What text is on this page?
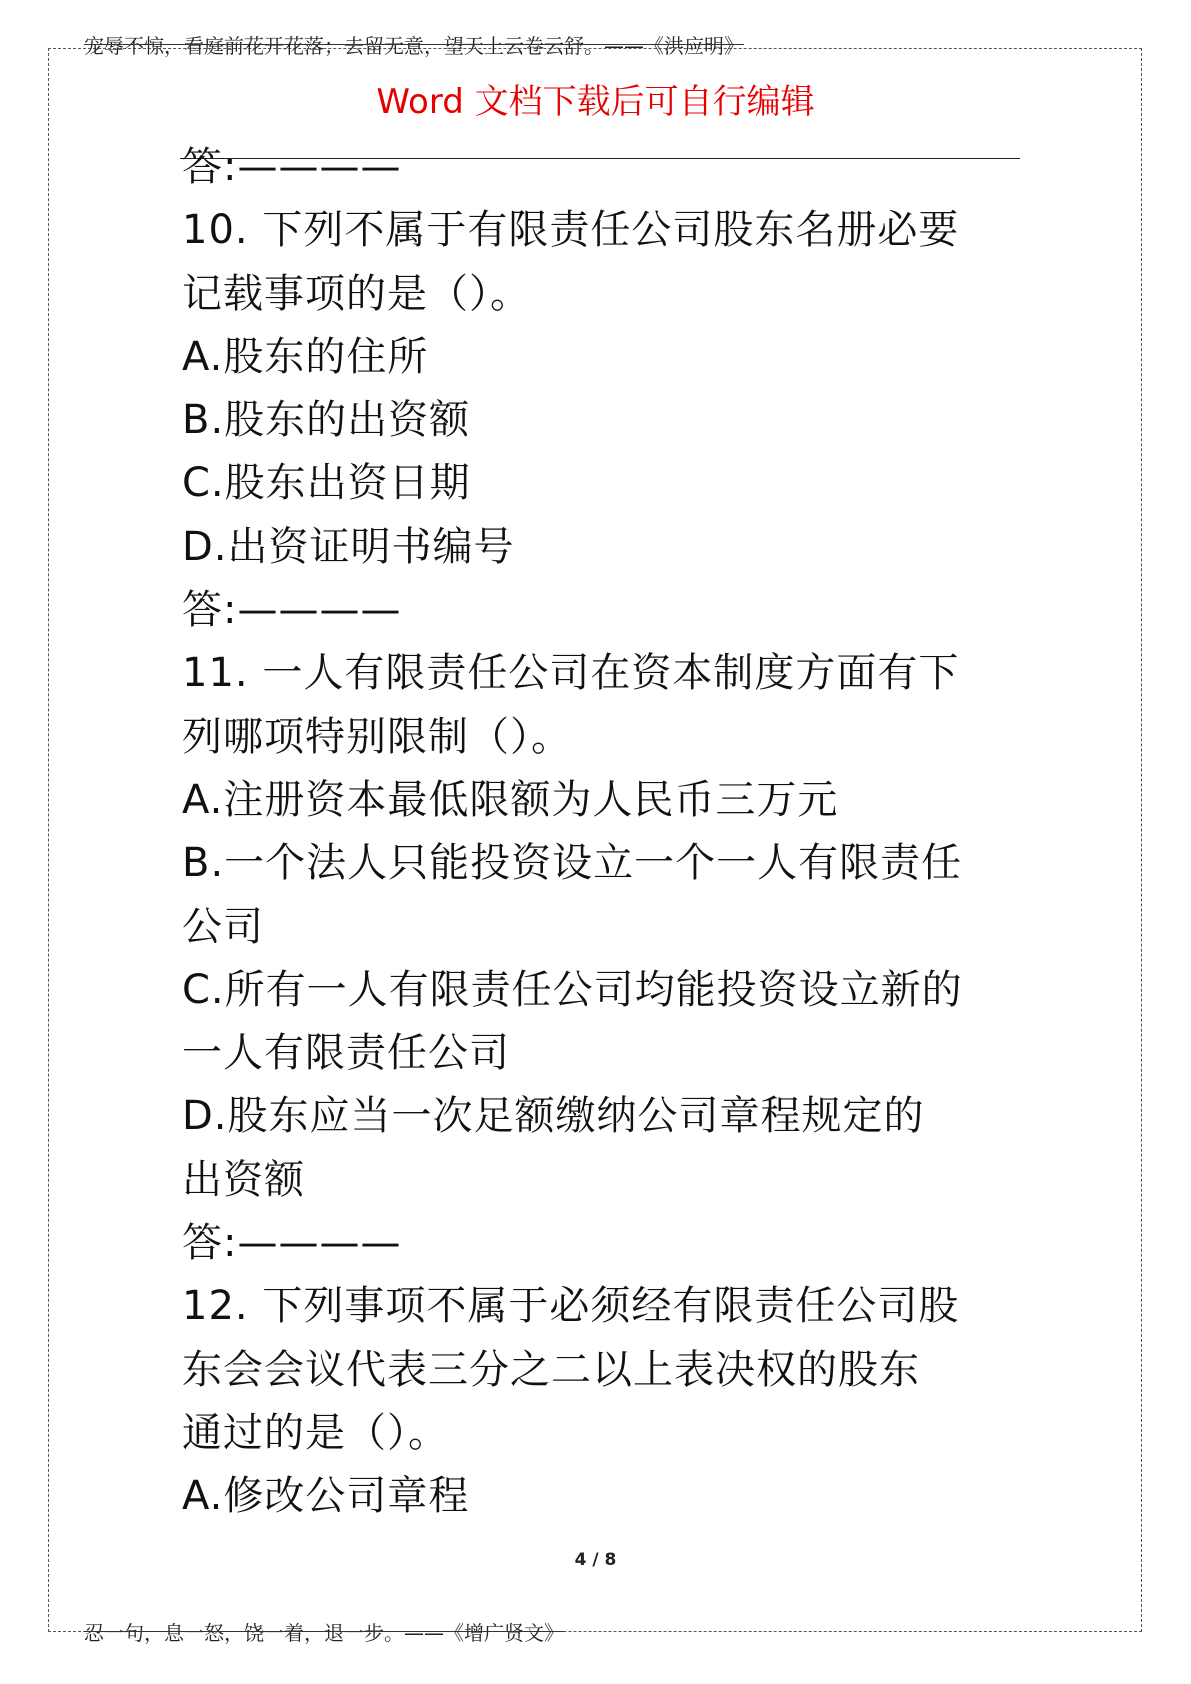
宠辱不惊，看庭前花开花落；去留无意，望天上云卷云舒。——《洪应明》
Word 文档下载后可自行编辑
答:————
10. 下列不属于有限责任公司股东名册必要
记载事项的是（）。
A.股东的住所
B.股东的出资额
C.股东出资日期
D.出资证明书编号
答:————
11. 一人有限责任公司在资本制度方面有下
列哪项特别限制（）。
A.注册资本最低限额为人民币三万元
B.一个法人只能投资设立一个一人有限责任
公司
C.所有一人有限责任公司均能投资设立新的
一人有限责任公司
D.股东应当一次足额缴纳公司章程规定的
出资额
答:————
12. 下列事项不属于必须经有限责任公司股
东会会议代表三分之二以上表决权的股东
通过的是（）。
A.修改公司章程
4 / 8
忍一句，息一怒，饶一着，退一步。——《增广贤文》
